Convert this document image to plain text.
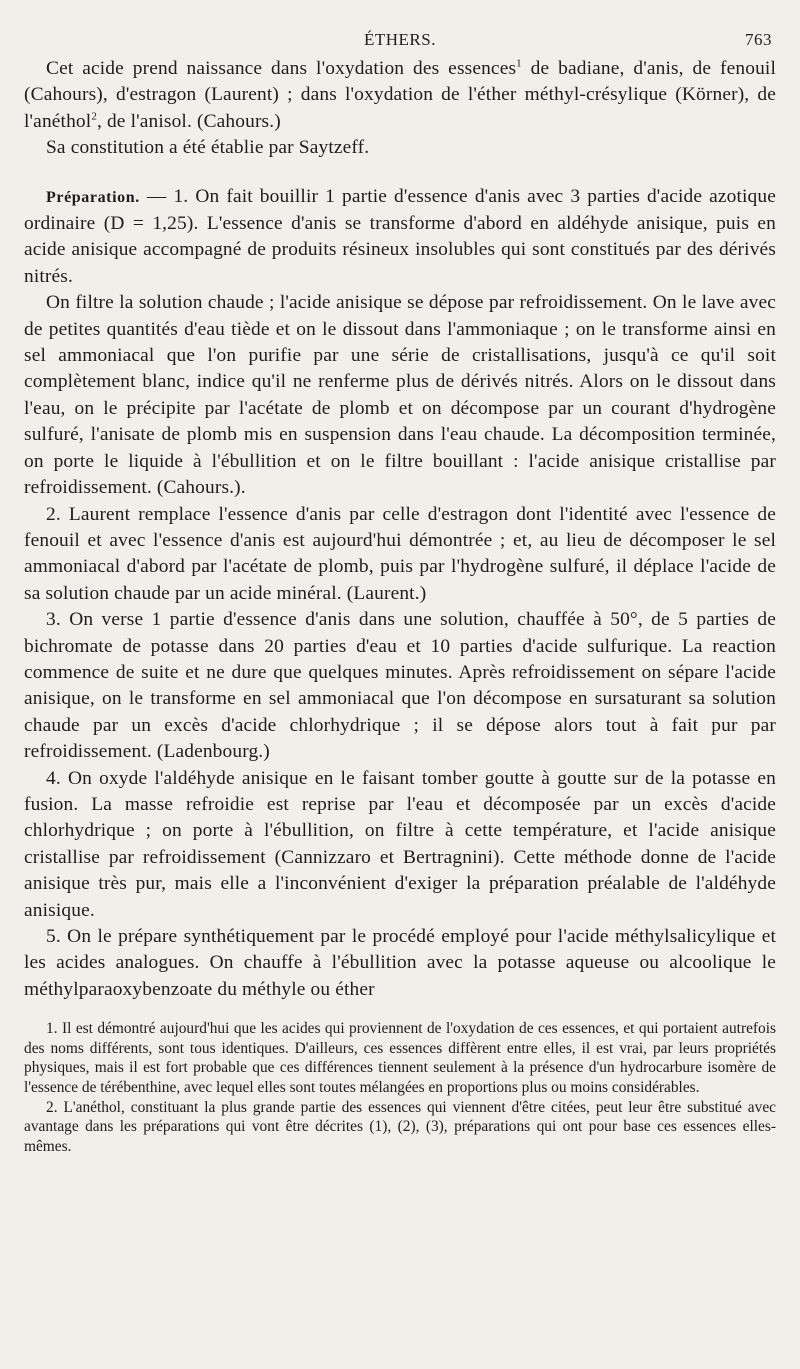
ÉTHERS.	763

Cet acide prend naissance dans l'oxydation des essences$^1$ de badiane, d'anis, de fenouil (Cahours), d'estragon (Laurent) ; dans l'oxydation de l'éther méthyl-crésylique (Körner), de l'anéthol$^2$, de l'anisol. (Cahours.)

Sa constitution a été établie par Saytzeff.

Préparation. — 1. On fait bouillir 1 partie d'essence d'anis avec 3 parties d'acide azotique ordinaire (D = 1,25). L'essence d'anis se transforme d'abord en aldéhyde anisique, puis en acide anisique accompagné de produits résineux insolubles qui sont constitués par des dérivés nitrés.

On filtre la solution chaude ; l'acide anisique se dépose par refroidissement. On le lave avec de petites quantités d'eau tiède et on le dissout dans l'ammoniaque ; on le transforme ainsi en sel ammoniacal que l'on purifie par une série de cristallisations, jusqu'à ce qu'il soit complètement blanc, indice qu'il ne renferme plus de dérivés nitrés. Alors on le dissout dans l'eau, on le précipite par l'acétate de plomb et on décompose par un courant d'hydrogène sulfuré, l'anisate de plomb mis en suspension dans l'eau chaude. La décomposition terminée, on porte le liquide à l'ébullition et on le filtre bouillant : l'acide anisique cristallise par refroidissement. (Cahours.).

2. Laurent remplace l'essence d'anis par celle d'estragon dont l'identité avec l'essence de fenouil et avec l'essence d'anis est aujourd'hui démontrée ; et, au lieu de décomposer le sel ammoniacal d'abord par l'acétate de plomb, puis par l'hydrogène sulfuré, il déplace l'acide de sa solution chaude par un acide minéral. (Laurent.)

3. On verse 1 partie d'essence d'anis dans une solution, chauffée à 50°, de 5 parties de bichromate de potasse dans 20 parties d'eau et 10 parties d'acide sulfurique. La reaction commence de suite et ne dure que quelques minutes. Après refroidissement on sépare l'acide anisique, on le transforme en sel ammoniacal que l'on décompose en sursaturant sa solution chaude par un excès d'acide chlorhydrique ; il se dépose alors tout à fait pur par refroidissement. (Ladenbourg.)

4. On oxyde l'aldéhyde anisique en le faisant tomber goutte à goutte sur de la potasse en fusion. La masse refroidie est reprise par l'eau et décomposée par un excès d'acide chlorhydrique ; on porte à l'ébullition, on filtre à cette température, et l'acide anisique cristallise par refroidissement (Cannizzaro et Bertragnini). Cette méthode donne de l'acide anisique très pur, mais elle a l'inconvénient d'exiger la préparation préalable de l'aldéhyde anisique.

5. On le prépare synthétiquement par le procédé employé pour l'acide méthylsalicylique et les acides analogues. On chauffe à l'ébullition avec la potasse aqueuse ou alcoolique le méthylparaoxybenzoate du méthyle ou éther

1. Il est démontré aujourd'hui que les acides qui proviennent de l'oxydation de ces essences, et qui portaient autrefois des noms différents, sont tous identiques. D'ailleurs, ces essences diffèrent entre elles, il est vrai, par leurs propriétés physiques, mais il est fort probable que ces différences tiennent seulement à la présence d'un hydrocarbure isomère de l'essence de térébenthine, avec lequel elles sont toutes mélangées en proportions plus ou moins considérables.

2. L'anéthol, constituant la plus grande partie des essences qui viennent d'être citées, peut leur être substitué avec avantage dans les préparations qui vont être décrites (1), (2), (3), préparations qui ont pour base ces essences elles-mêmes.
